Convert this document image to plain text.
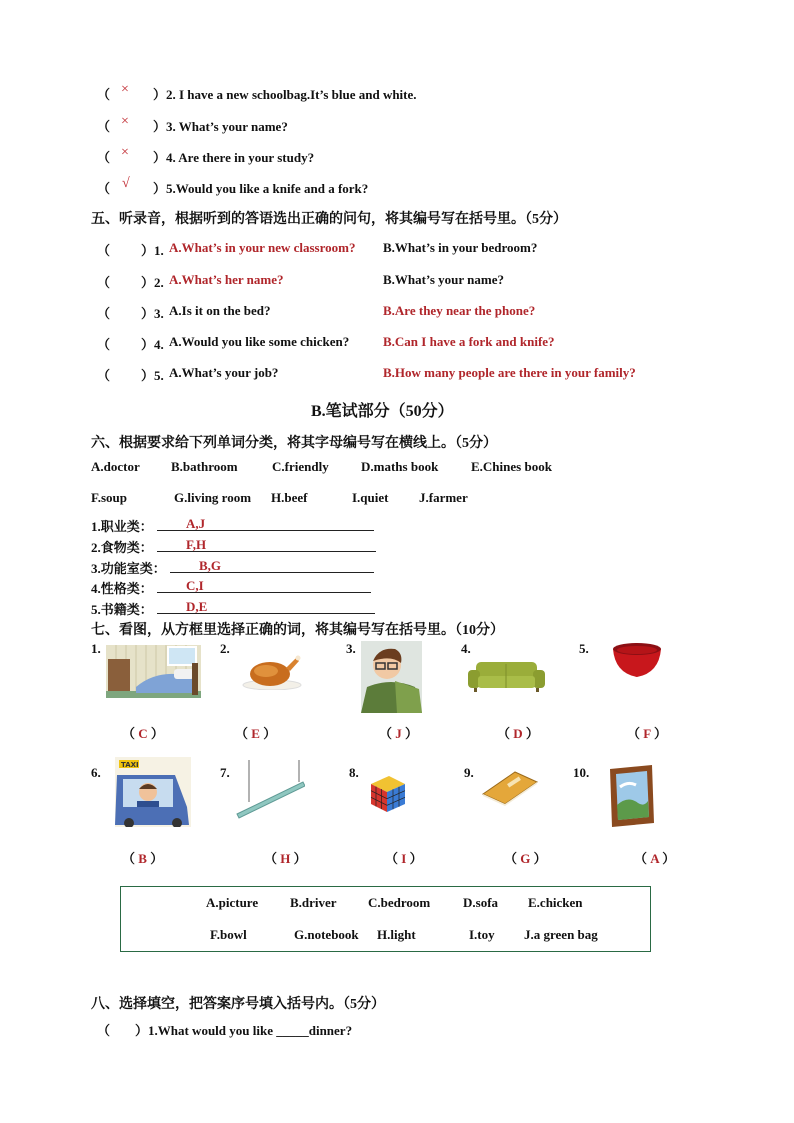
（ × ）2. I have a new schoolbag.It’s blue and white.
（ × ）3. What’s your name?
（ × ）4. Are there in your study?
（ √ ）5.Would you like a knife and a fork?
五、听录音，根据听到的答语选出正确的问句，将其编号写在括号里。（5分）
（ ）1. A.What’s in your new classroom? B.What’s in your bedroom?
（ ）2. A.What’s her name?	B.What’s your name?
（ ）3. A.Is it on the bed?	B.Are they near the phone?
（ ）4. A.Would you like some chicken?	B.Can I have a fork and knife?
（ ）5. A.What’s your job?	B.How many people are there in your family?
B.笔试部分（50分）
六、根据要求给下列单词分类，将其字母编号写在横线上。（5分）
A.doctor B.bathroom	C.friendly D.maths book	E.Chines book
F.soup	G.living room H.beef	I.quiet J.farmer
1.职业类：	A,J
2.食物类：	F,H
3.功能室类：	B,G
4.性格类：	C,I
5.书籍类：	D,E
七、看图，从方框里选择正确的词，将其编号写在括号里。（10分）
1.	2.	3.	4.	5.
（ C ）	（ E ）	（ J ）	（ D ）	（ F ）
6.	7.	8.	9.	10.
TAXI
（ B ）	（ H ）	（ I ）	（ G ）	（ A ）
A.picture B.driver C.bedroom	D.sofa E.chicken
F.bowl	G.notebook H.light	I.toy J.a green bag
八、选择填空，把答案序号填入括号内。（5分）
（ ）1.What would you like _____dinner?
